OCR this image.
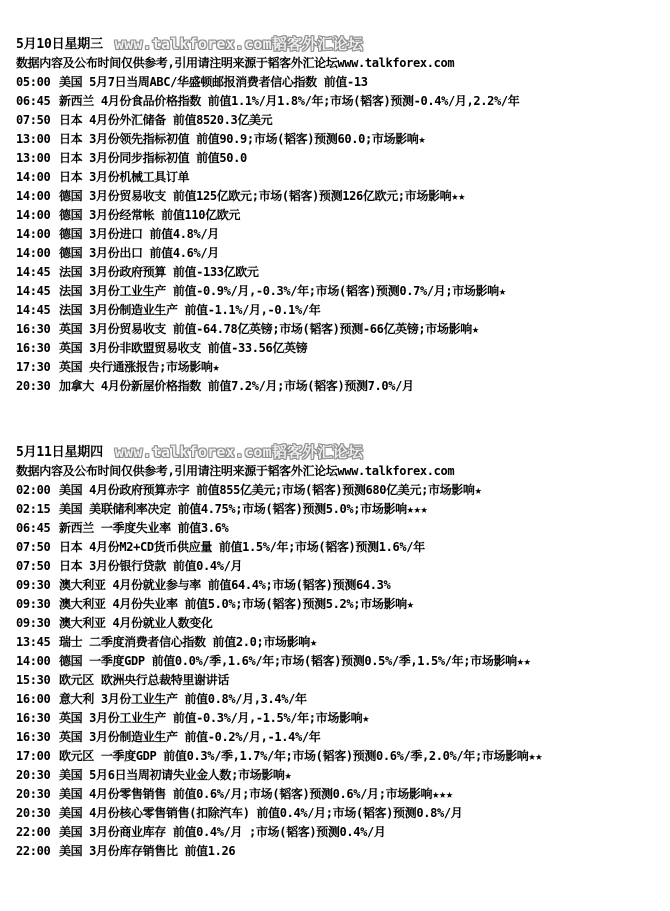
5月10日星期三 www.talkforex.com韬客外汇论坛
数据内容及公布时间仅供参考,引用请注明来源于韬客外汇论坛www.talkforex.com
05:00 美国 5月7日当周ABC/华盛顿邮报消费者信心指数 前值-13
06:45 新西兰 4月份食品价格指数 前值1.1%/月1.8%/年;市场(韬客)预测-0.4%/月,2.2%/年
07:50 日本 4月份外汇储备 前值8520.3亿美元
13:00 日本 3月份领先指标初值 前值90.9;市场(韬客)预测60.0;市场影响★
13:00 日本 3月份同步指标初值 前值50.0
14:00 日本 3月份机械工具订单
14:00 德国 3月份贸易收支 前值125亿欧元;市场(韬客)预测126亿欧元;市场影响★★
14:00 德国 3月份经常帐 前值110亿欧元
14:00 德国 3月份进口 前值4.8%/月
14:00 德国 3月份出口 前值4.6%/月
14:45 法国 3月份政府预算 前值-133亿欧元
14:45 法国 3月份工业生产 前值-0.9%/月,-0.3%/年;市场(韬客)预测0.7%/月;市场影响★
14:45 法国 3月份制造业生产 前值-1.1%/月,-0.1%/年
16:30 英国 3月份贸易收支 前值-64.78亿英镑;市场(韬客)预测-66亿英镑;市场影响★
16:30 英国 3月份非欧盟贸易收支 前值-33.56亿英镑
17:30 英国 央行通涨报告;市场影响★
20:30 加拿大 4月份新屋价格指数 前值7.2%/月;市场(韬客)预测7.0%/月
5月11日星期四 www.talkforex.com韬客外汇论坛
数据内容及公布时间仅供参考,引用请注明来源于韬客外汇论坛www.talkforex.com
02:00 美国 4月份政府预算赤字 前值855亿美元;市场(韬客)预测680亿美元;市场影响★
02:15 美国 美联储利率决定 前值4.75%;市场(韬客)预测5.0%;市场影响★★★
06:45 新西兰 一季度失业率 前值3.6%
07:50 日本 4月份M2+CD货币供应量 前值1.5%/年;市场(韬客)预测1.6%/年
07:50 日本 3月份银行贷款 前值0.4%/月
09:30 澳大利亚 4月份就业参与率 前值64.4%;市场(韬客)预测64.3%
09:30 澳大利亚 4月份失业率 前值5.0%;市场(韬客)预测5.2%;市场影响★
09:30 澳大利亚 4月份就业人数变化
13:45 瑞士 二季度消费者信心指数 前值2.0;市场影响★
14:00 德国 一季度GDP 前值0.0%/季,1.6%/年;市场(韬客)预测0.5%/季,1.5%/年;市场影响★★
15:30 欧元区 欧洲央行总裁特里谢讲话
16:00 意大利 3月份工业生产 前值0.8%/月,3.4%/年
16:30 英国 3月份工业生产 前值-0.3%/月,-1.5%/年;市场影响★
16:30 英国 3月份制造业生产 前值-0.2%/月,-1.4%/年
17:00 欧元区 一季度GDP 前值0.3%/季,1.7%/年;市场(韬客)预测0.6%/季,2.0%/年;市场影响★★
20:30 美国 5月6日当周初请失业金人数;市场影响★
20:30 美国 4月份零售销售 前值0.6%/月;市场(韬客)预测0.6%/月;市场影响★★★
20:30 美国 4月份核心零售销售(扣除汽车) 前值0.4%/月;市场(韬客)预测0.8%/月
22:00 美国 3月份商业库存 前值0.4%/月 ;市场(韬客)预测0.4%/月
22:00 美国 3月份库存销售比 前值1.26
